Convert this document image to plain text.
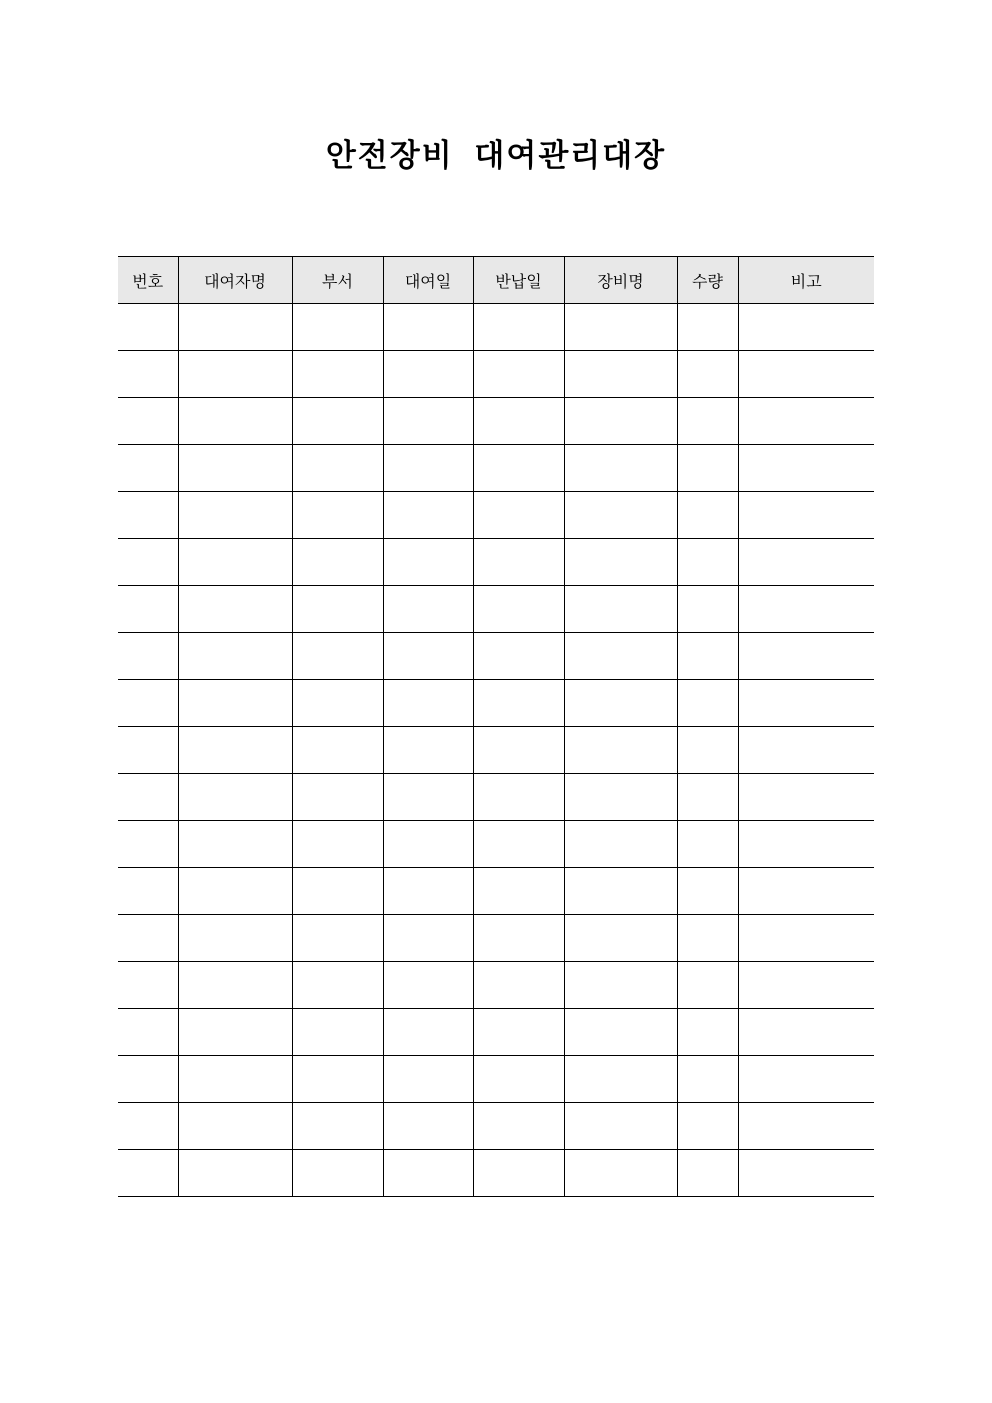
안전장비 대여관리대장
번호	대여자명	부서	대여일	반납일	장비명	수량	비고
